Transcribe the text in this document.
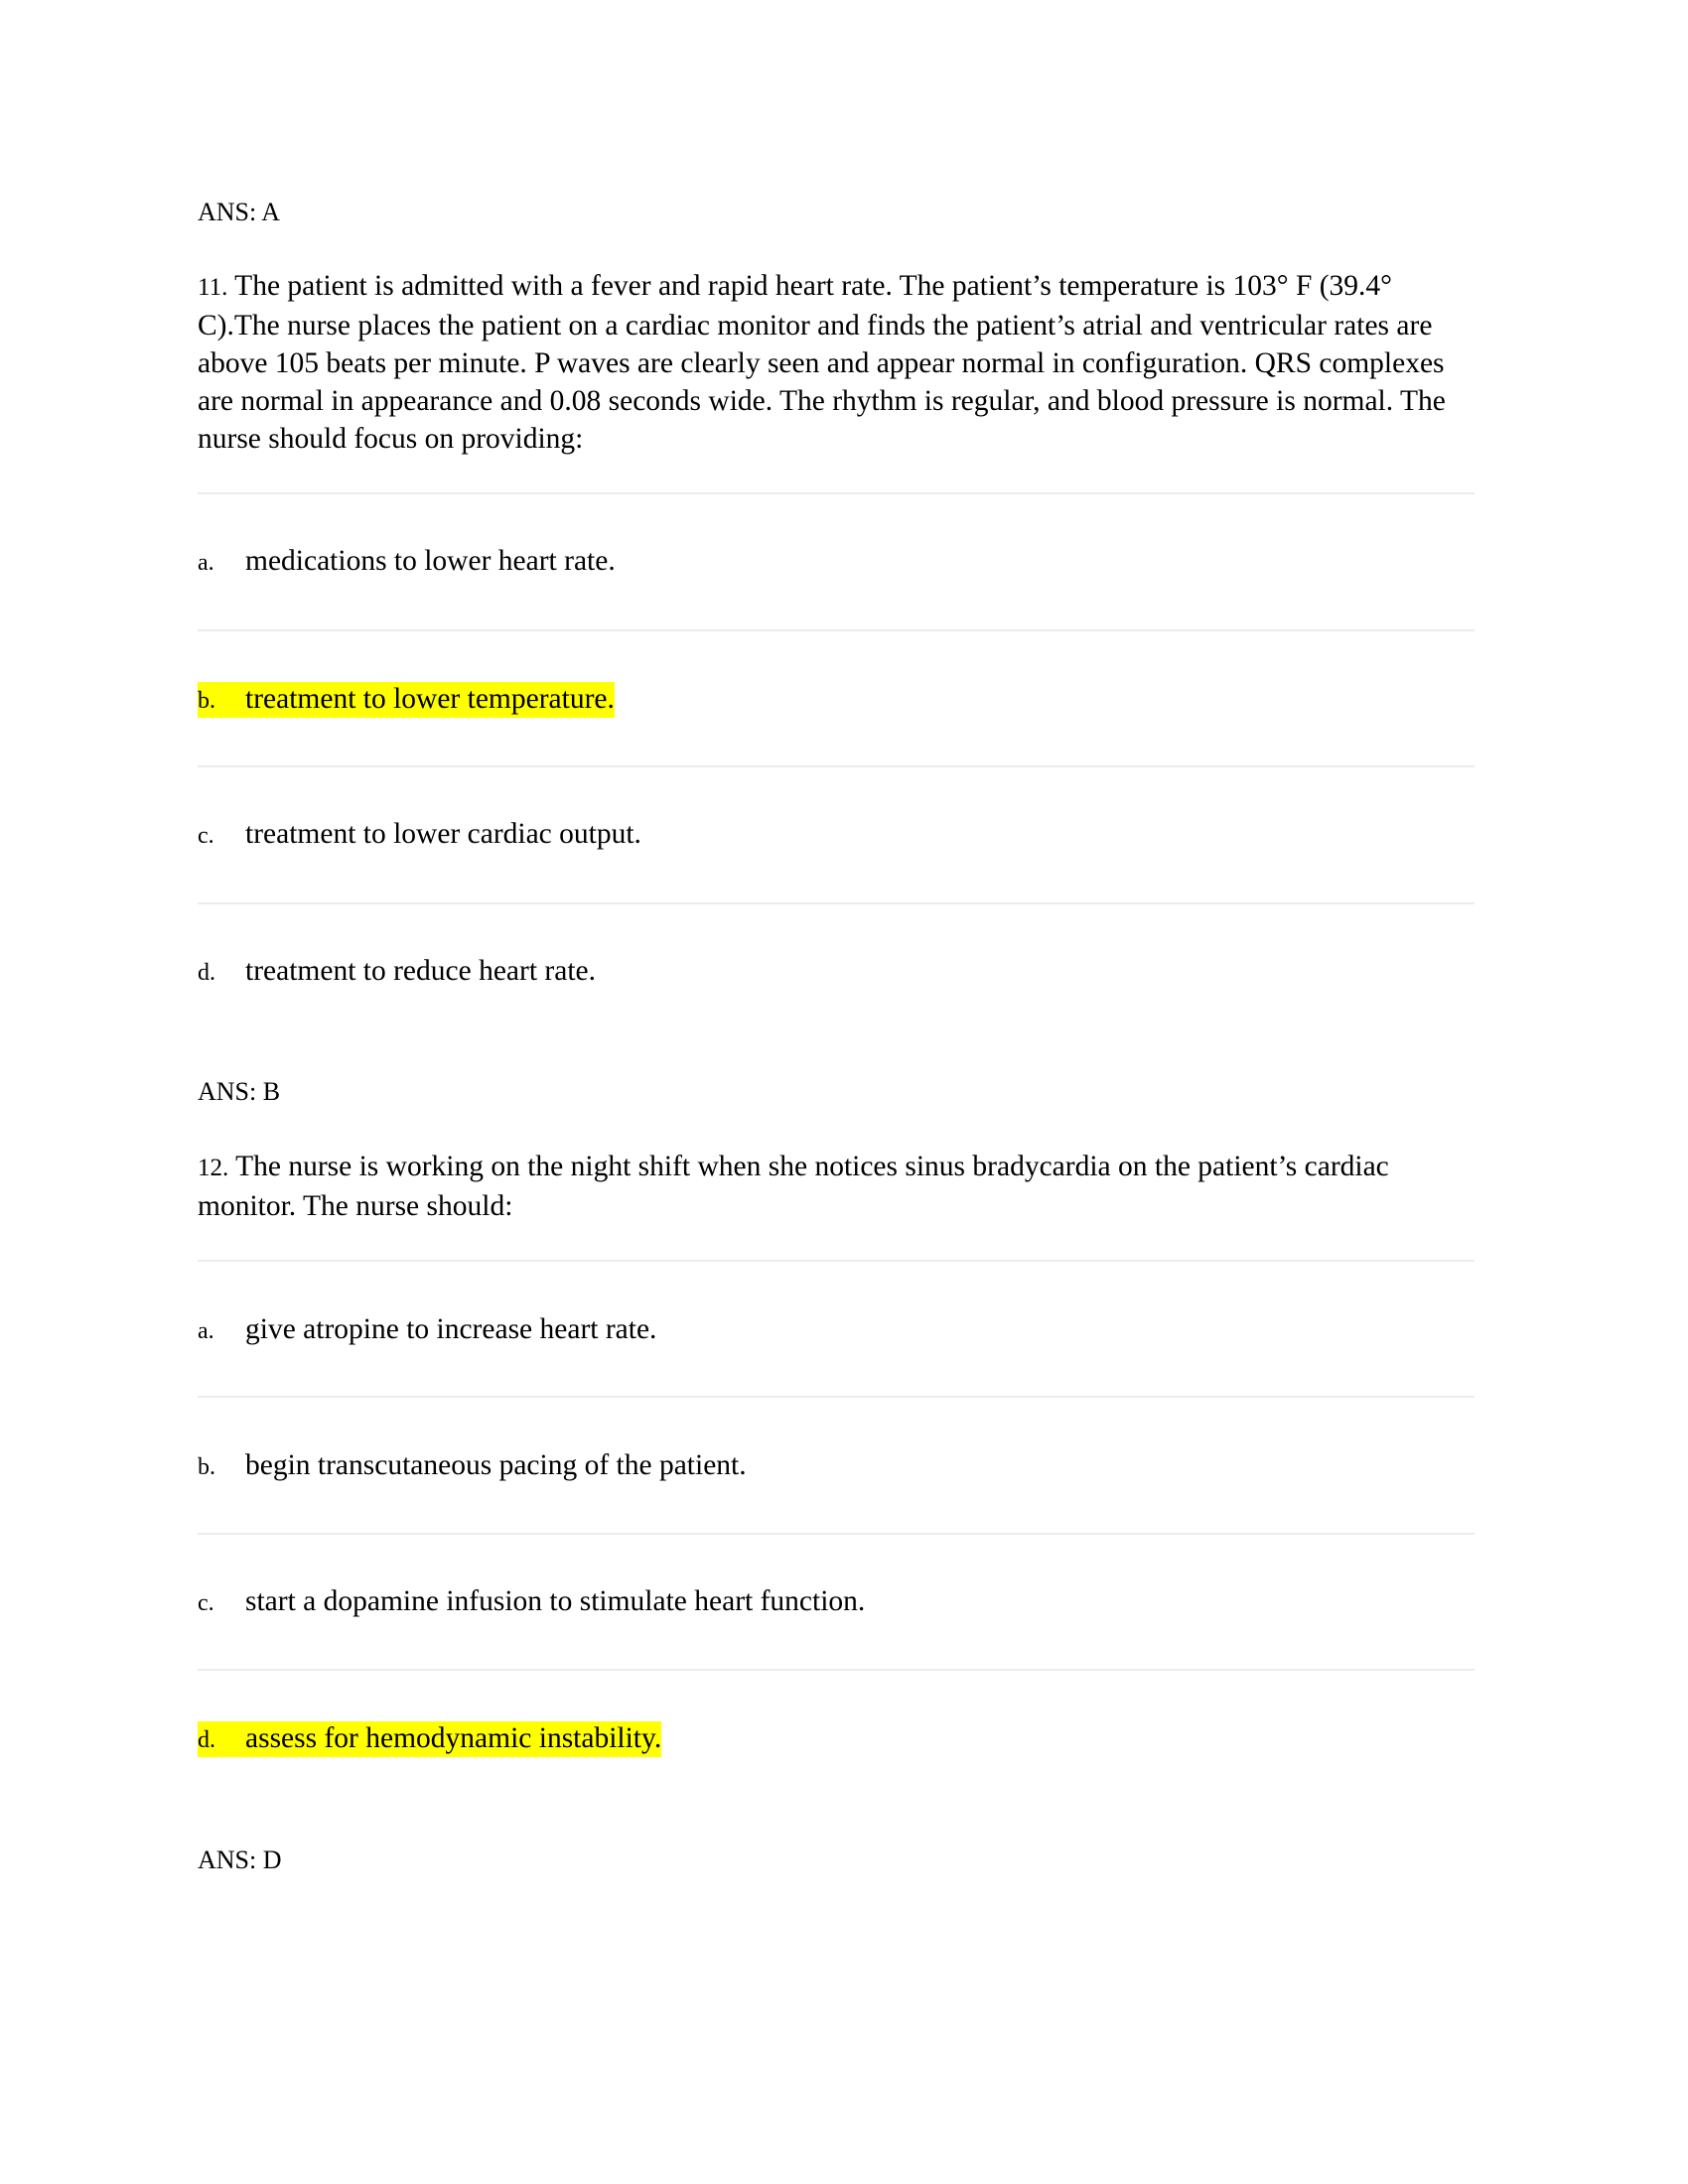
ANS: A
11. The patient is admitted with a fever and rapid heart rate. The patient’s temperature is 103° F (39.4° C).The nurse places the patient on a cardiac monitor and finds the patient’s atrial and ventricular rates are above 105 beats per minute. P waves are clearly seen and appear normal in configuration. QRS complexes are normal in appearance and 0.08 seconds wide. The rhythm is regular, and blood pressure is normal. The nurse should focus on providing:
a. medications to lower heart rate.
b. treatment to lower temperature.
c. treatment to lower cardiac output.
d. treatment to reduce heart rate.
ANS: B
12. The nurse is working on the night shift when she notices sinus bradycardia on the patient’s cardiac monitor. The nurse should:
a. give atropine to increase heart rate.
b. begin transcutaneous pacing of the patient.
c. start a dopamine infusion to stimulate heart function.
d. assess for hemodynamic instability.
ANS: D
